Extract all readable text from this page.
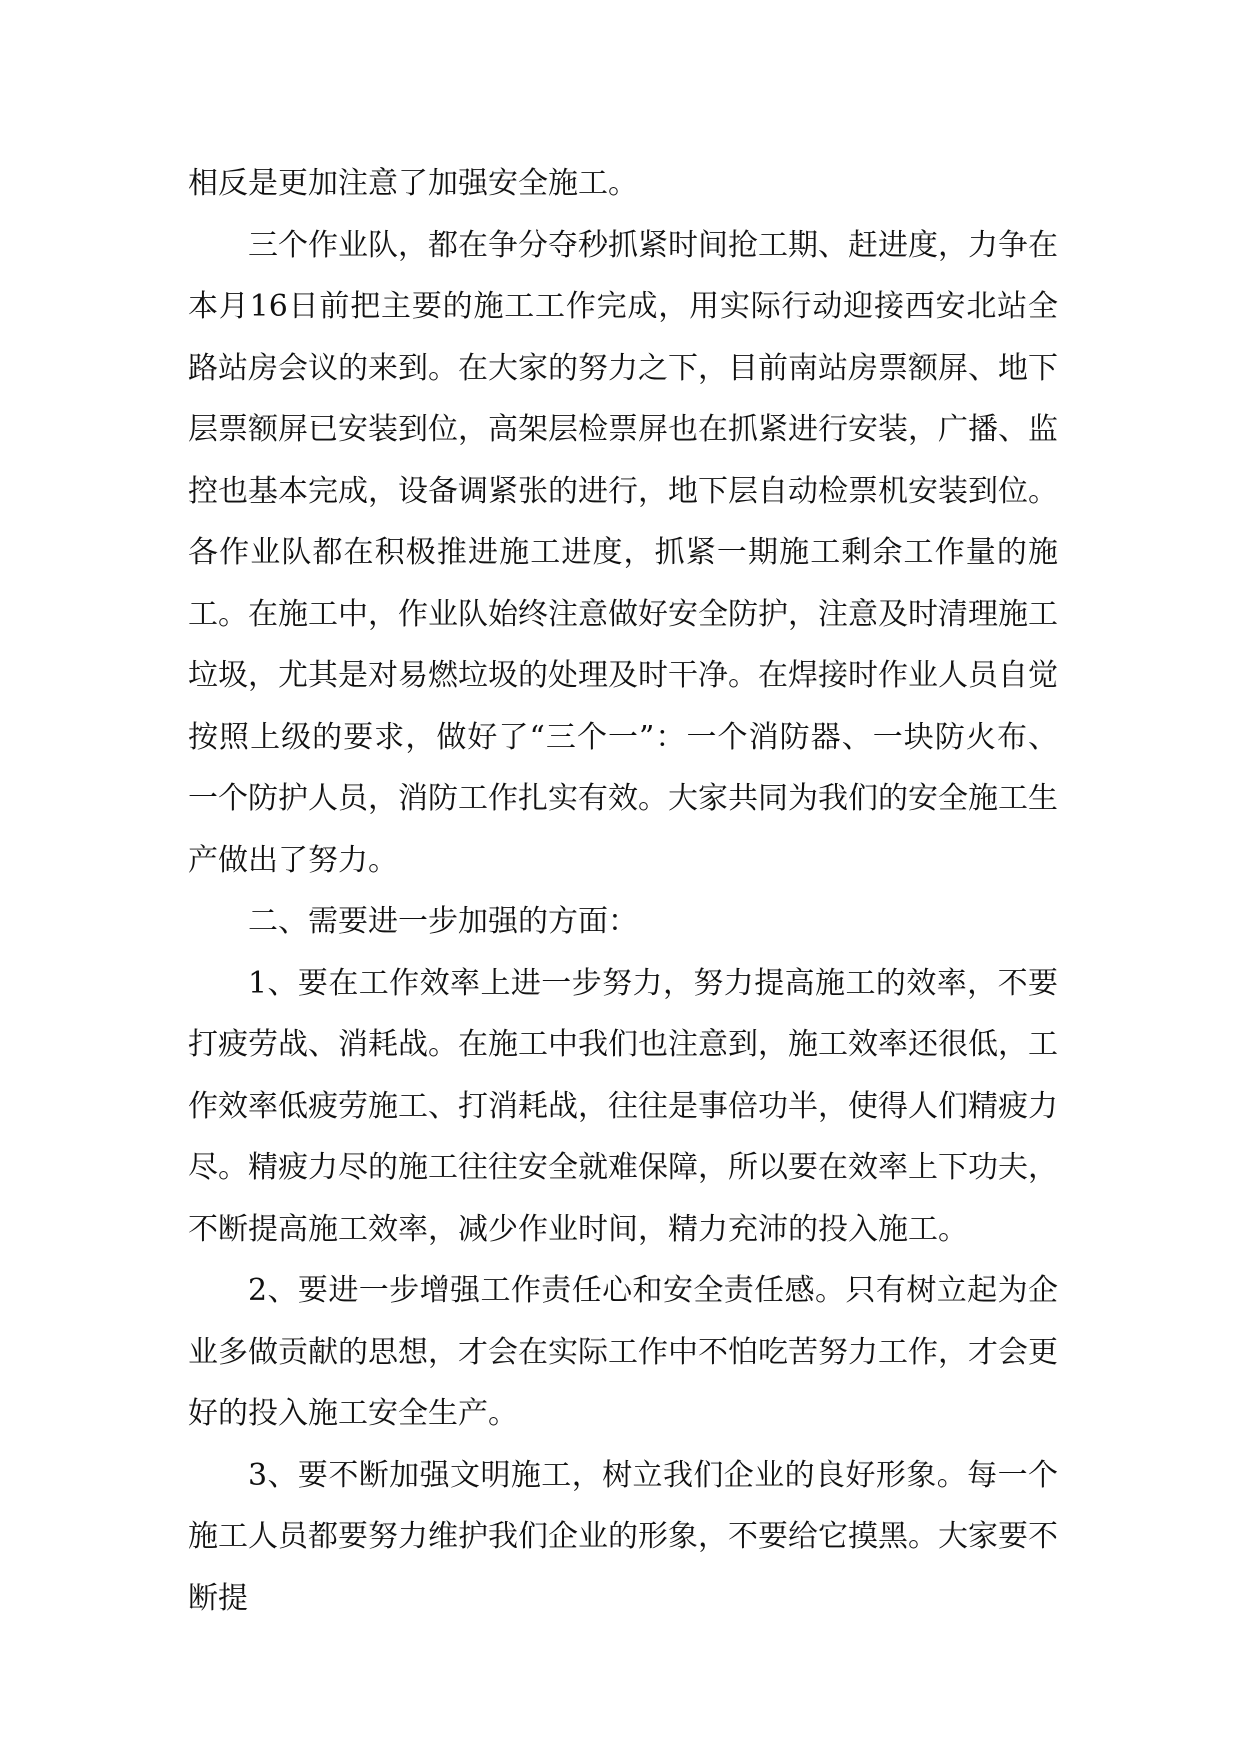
相反是更加注意了加强安全施工。

三个作业队，都在争分夺秒抓紧时间抢工期、赶进度，力争在本月16日前把主要的施工工作完成，用实际行动迎接西安北站全路站房会议的来到。在大家的努力之下，目前南站房票额屏、地下层票额屏已安装到位，高架层检票屏也在抓紧进行安装，广播、监控也基本完成，设备调紧张的进行，地下层自动检票机安装到位。各作业队都在积极推进施工进度，抓紧一期施工剩余工作量的施工。在施工中，作业队始终注意做好安全防护，注意及时清理施工垃圾，尤其是对易燃垃圾的处理及时干净。在焊接时作业人员自觉按照上级的要求，做好了“三个一”：一个消防器、一块防火布、一个防护人员，消防工作扎实有效。大家共同为我们的安全施工生产做出了努力。

二、需要进一步加强的方面：

1、要在工作效率上进一步努力，努力提高施工的效率，不要打疲劳战、消耗战。在施工中我们也注意到，施工效率还很低，工作效率低疲劳施工、打消耗战，往往是事倍功半，使得人们精疲力尽。精疲力尽的施工往往安全就难保障，所以要在效率上下功夫，不断提高施工效率，减少作业时间，精力充沛的投入施工。

2、要进一步增强工作责任心和安全责任感。只有树立起为企业多做贡献的思想，才会在实际工作中不怕吃苦努力工作，才会更好的投入施工安全生产。

3、要不断加强文明施工，树立我们企业的良好形象。每一个施工人员都要努力维护我们企业的形象，不要给它摸黑。大家要不断提
